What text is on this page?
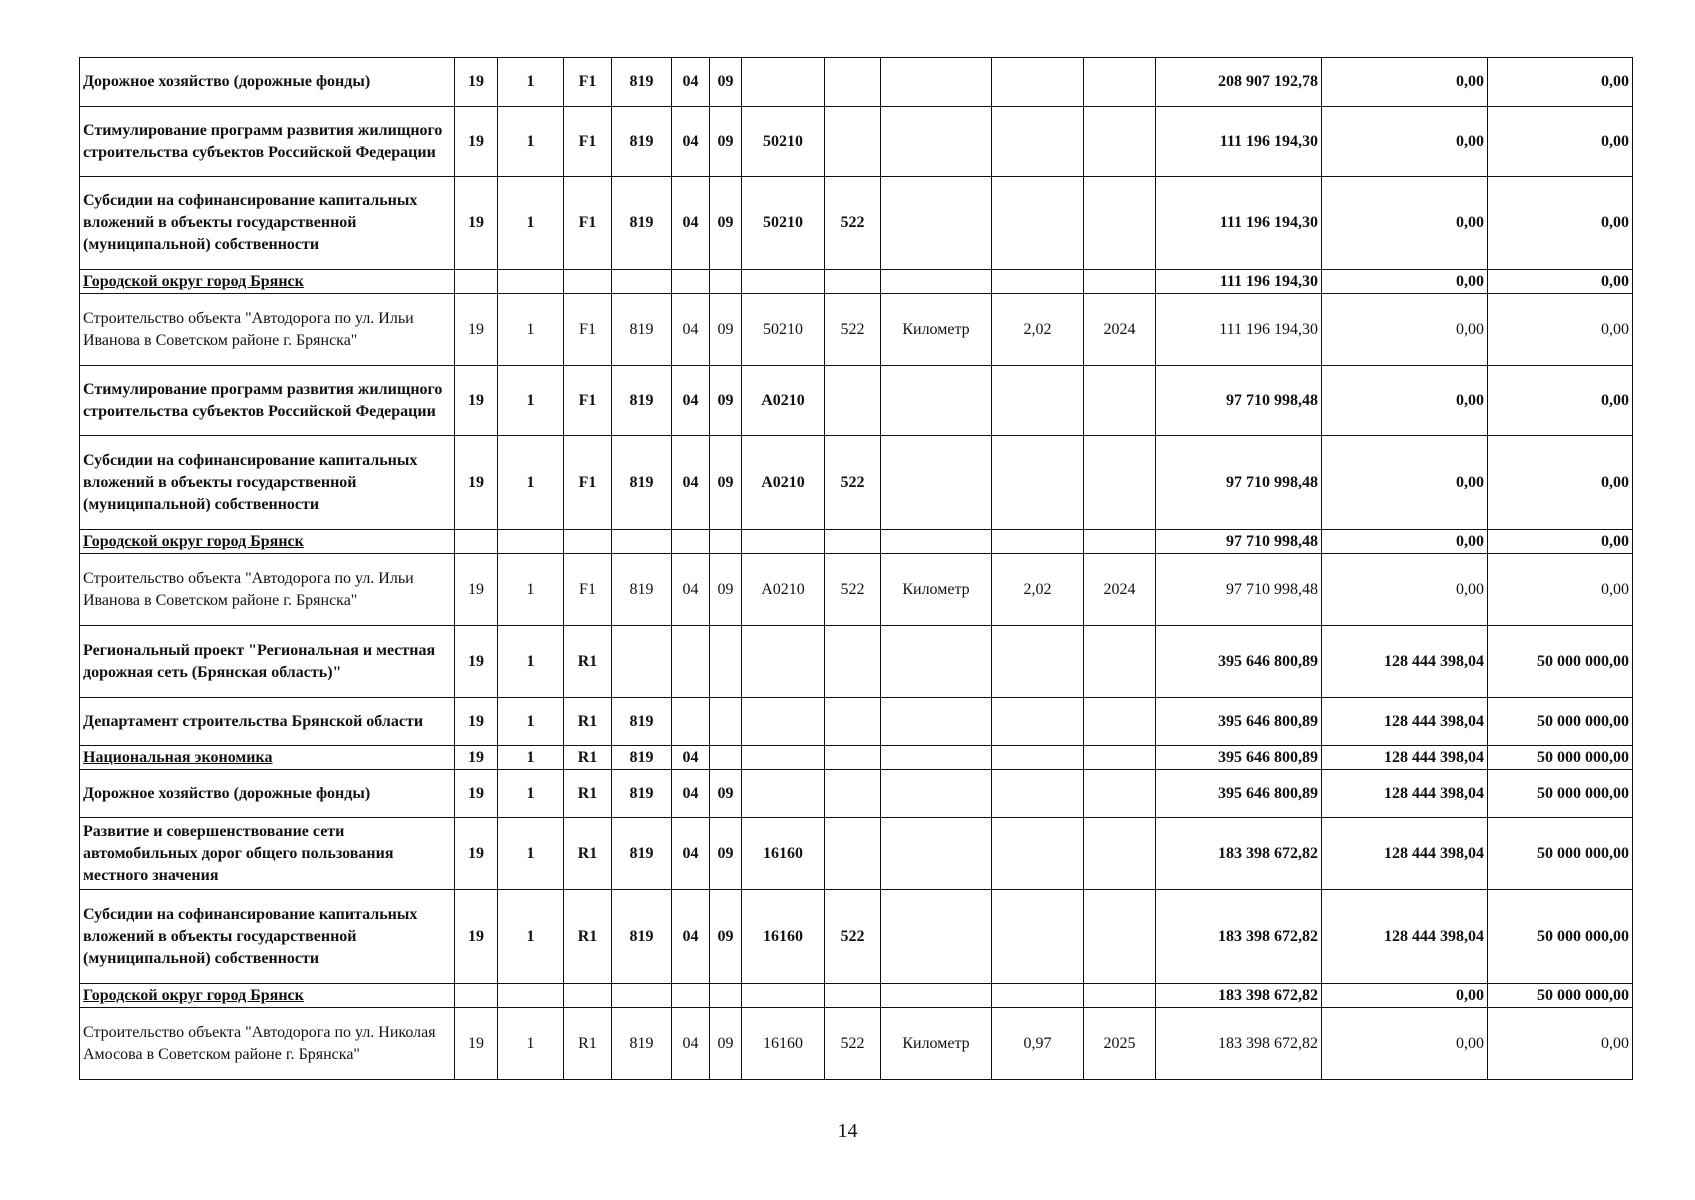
Дорожное хозяйство (дорожные фонды)	19	1	F1	819	04	09						208 907 192,78	0,00	0,00
Стимулирование программ развития жилищного строительства субъектов Российской Федерации	19	1	F1	819	04	09	50210					111 196 194,30	0,00	0,00
Субсидии на софинансирование капитальных вложений в объекты государственной (муниципальной) собственности	19	1	F1	819	04	09	50210	522				111 196 194,30	0,00	0,00
Городской округ город Брянск												111 196 194,30	0,00	0,00
Строительство объекта "Автодорога по ул. Ильи Иванова в Советском районе г. Брянска"	19	1	F1	819	04	09	50210	522	Километр	2,02	2024	111 196 194,30	0,00	0,00
Стимулирование программ развития жилищного строительства субъектов Российской Федерации	19	1	F1	819	04	09	A0210					97 710 998,48	0,00	0,00
Субсидии на софинансирование капитальных вложений в объекты государственной (муниципальной) собственности	19	1	F1	819	04	09	A0210	522				97 710 998,48	0,00	0,00
Городской округ город Брянск												97 710 998,48	0,00	0,00
Строительство объекта "Автодорога по ул. Ильи Иванова в Советском районе г. Брянска"	19	1	F1	819	04	09	A0210	522	Километр	2,02	2024	97 710 998,48	0,00	0,00
Региональный проект "Региональная и местная дорожная сеть (Брянская область)"	19	1	R1									395 646 800,89	128 444 398,04	50 000 000,00
Департамент строительства Брянской области	19	1	R1	819								395 646 800,89	128 444 398,04	50 000 000,00
Национальная экономика	19	1	R1	819	04							395 646 800,89	128 444 398,04	50 000 000,00
Дорожное хозяйство (дорожные фонды)	19	1	R1	819	04	09						395 646 800,89	128 444 398,04	50 000 000,00
Развитие и совершенствование сети автомобильных дорог общего пользования местного значения	19	1	R1	819	04	09	16160					183 398 672,82	128 444 398,04	50 000 000,00
Субсидии на софинансирование капитальных вложений в объекты государственной (муниципальной) собственности	19	1	R1	819	04	09	16160	522				183 398 672,82	128 444 398,04	50 000 000,00
Городской округ город Брянск												183 398 672,82	0,00	50 000 000,00
Строительство объекта "Автодорога по ул. Николая Амосова в Советском районе г. Брянска"	19	1	R1	819	04	09	16160	522	Километр	0,97	2025	183 398 672,82	0,00	0,00
14
